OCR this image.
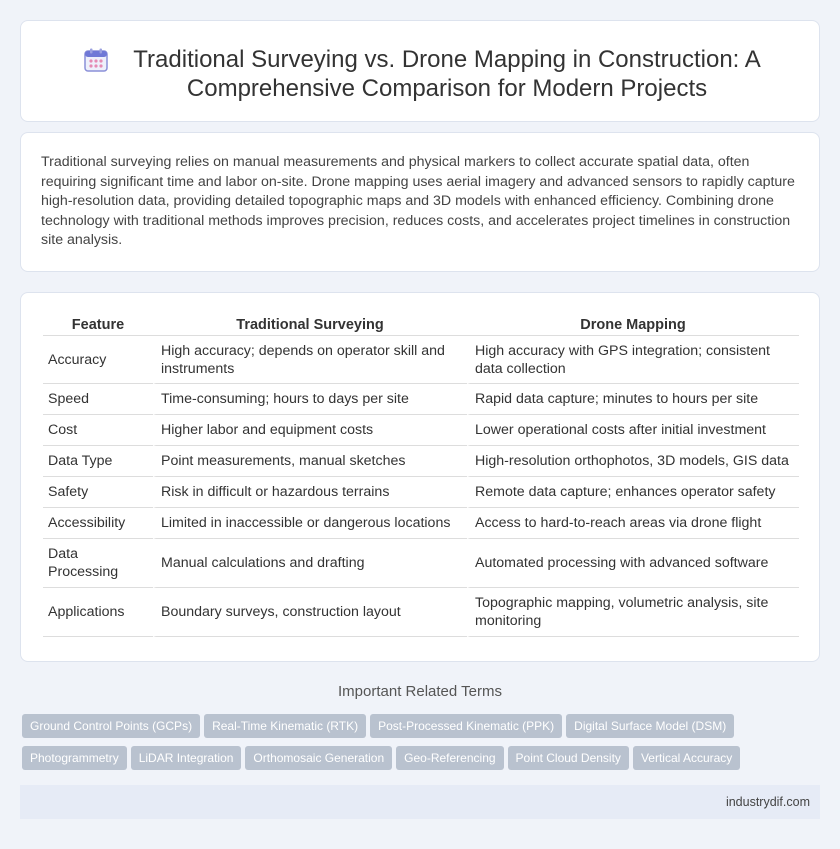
Traditional Surveying vs. Drone Mapping in Construction: A Comprehensive Comparison for Modern Projects

Traditional surveying relies on manual measurements and physical markers to collect accurate spatial data, often requiring significant time and labor on-site. Drone mapping uses aerial imagery and advanced sensors to rapidly capture high-resolution data, providing detailed topographic maps and 3D models with enhanced efficiency. Combining drone technology with traditional methods improves precision, reduces costs, and accelerates project timelines in construction site analysis.

Feature	Traditional Surveying	Drone Mapping
Accuracy	High accuracy; depends on operator skill and instruments	High accuracy with GPS integration; consistent data collection
Speed	Time-consuming; hours to days per site	Rapid data capture; minutes to hours per site
Cost	Higher labor and equipment costs	Lower operational costs after initial investment
Data Type	Point measurements, manual sketches	High-resolution orthophotos, 3D models, GIS data
Safety	Risk in difficult or hazardous terrains	Remote data capture; enhances operator safety
Accessibility	Limited in inaccessible or dangerous locations	Access to hard-to-reach areas via drone flight
Data Processing	Manual calculations and drafting	Automated processing with advanced software
Applications	Boundary surveys, construction layout	Topographic mapping, volumetric analysis, site monitoring
Important Related Terms
Ground Control Points (GCPs) Real-Time Kinematic (RTK) Post-Processed Kinematic (PPK) Digital Surface Model (DSM)
Photogrammetry LiDAR Integration Orthomosaic Generation Geo-Referencing Point Cloud Density Vertical Accuracy
industrydif.com
